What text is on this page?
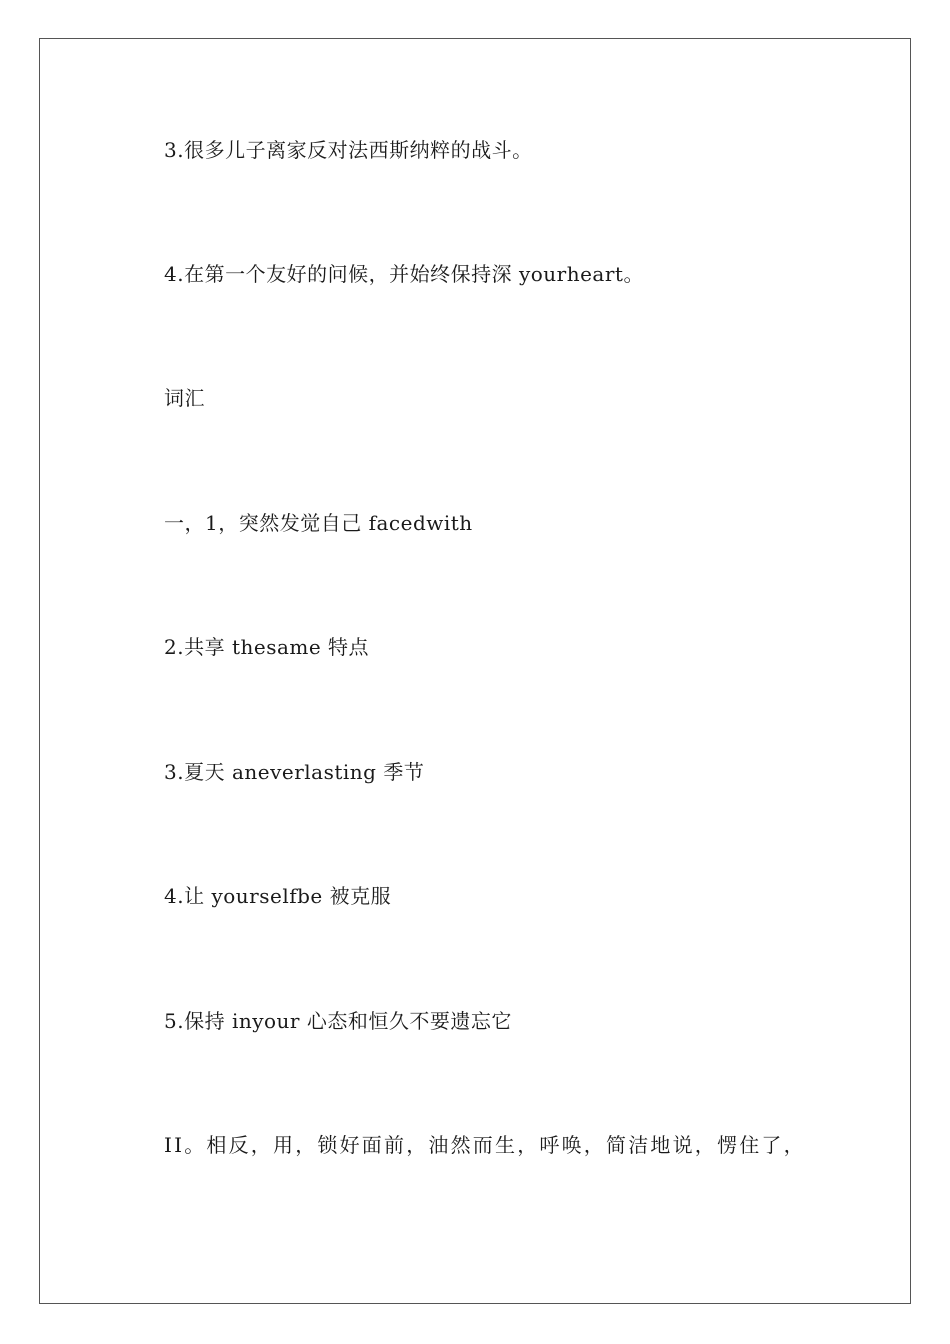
3.很多儿子离家反对法西斯纳粹的战斗。
4.在第一个友好的问候，并始终保持深 yourheart。
词汇
一，1，突然发觉自己 facedwith
2.共享 thesame 特点
3.夏天 aneverlasting 季节
4.让 yourselfbe 被克服
5.保持 inyour 心态和恒久不要遗忘它
II。相反，用，锁好面前，油然而生，呼唤，简洁地说，愣住了，
